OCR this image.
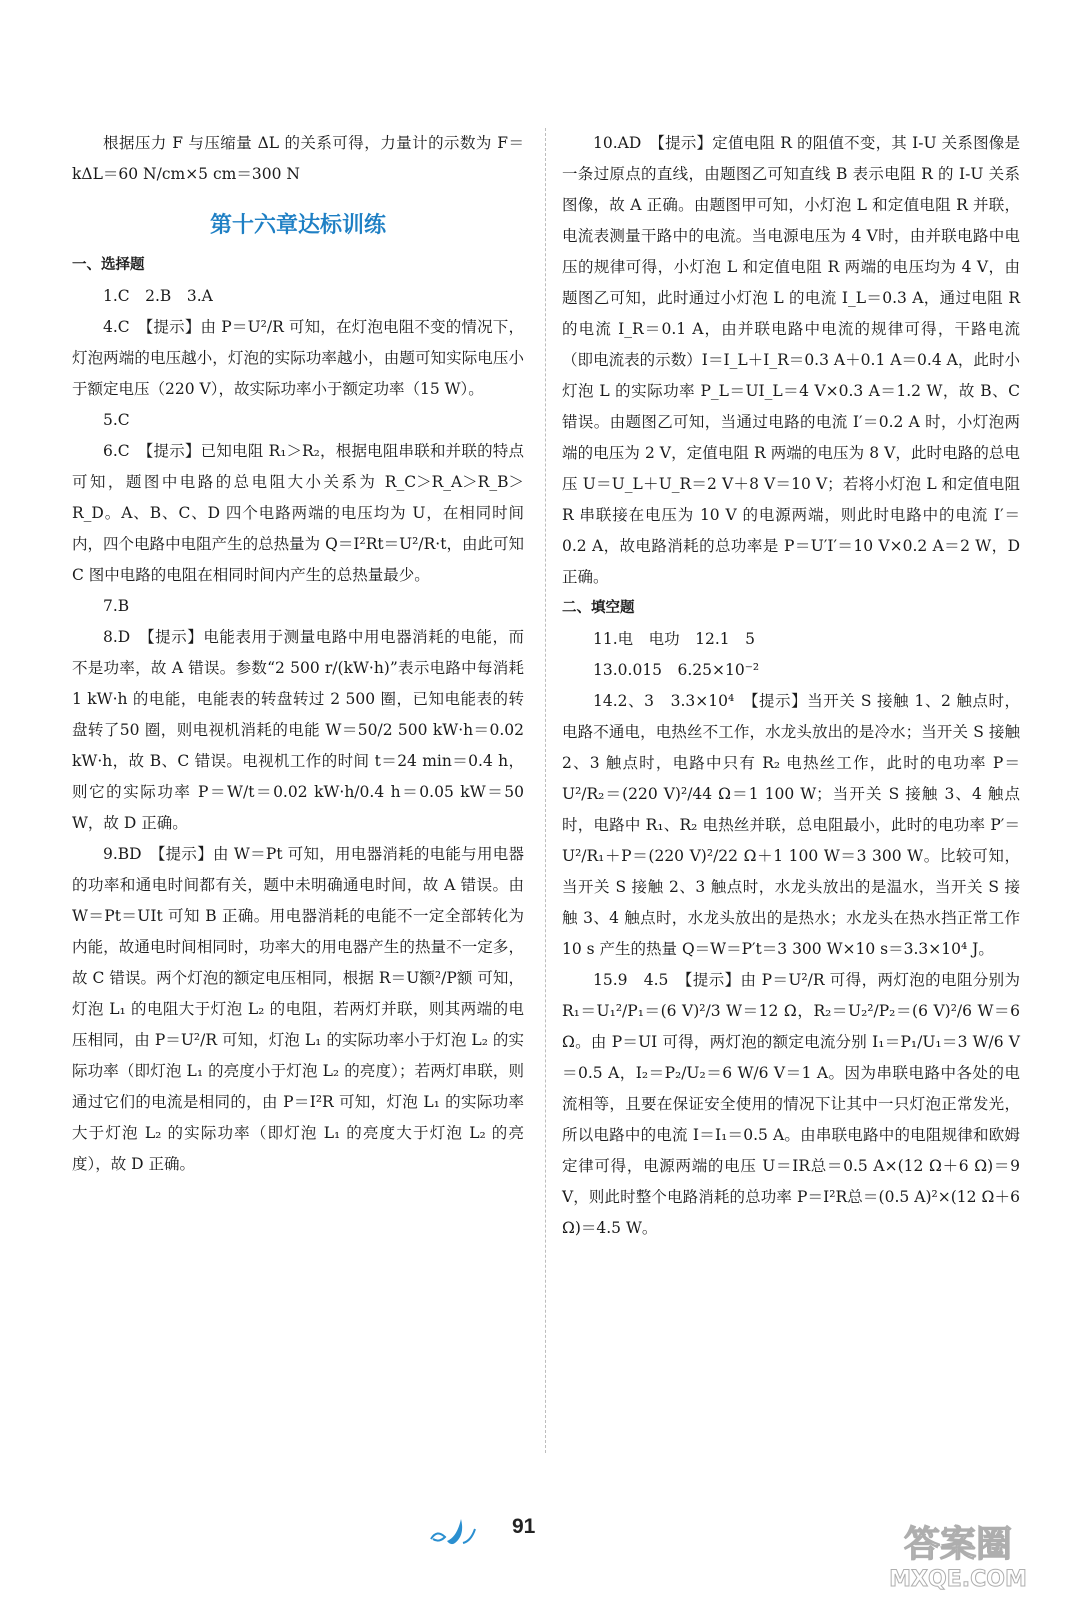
根据压力 F 与压缩量 ΔL 的关系可得，力量计的示数为 F＝kΔL＝60 N/cm×5 cm＝300 N

第十六章达标训练

一、选择题

1.C　2.B　3.A

4.C　【提示】由 P＝U²/R 可知，在灯泡电阻不变的情况下，灯泡两端的电压越小，灯泡的实际功率越小，由题可知实际电压小于额定电压（220 V），故实际功率小于额定功率（15 W）。

5.C

6.C　【提示】已知电阻 R₁＞R₂，根据电阻串联和并联的特点可知，题图中电路的总电阻大小关系为 R_C＞R_A＞R_B＞R_D。A、B、C、D 四个电路两端的电压均为 U，在相同时间内，四个电路中电阻产生的总热量为 Q＝I²Rt＝U²/R·t，由此可知 C 图中电路的电阻在相同时间内产生的总热量最少。

7.B

8.D　【提示】电能表用于测量电路中用电器消耗的电能，而不是功率，故 A 错误。参数“2 500 r/(kW·h)”表示电路中每消耗 1 kW·h 的电能，电能表的转盘转过 2 500 圈，已知电能表的转盘转了50 圈，则电视机消耗的电能 W＝50/2 500 kW·h＝0.02 kW·h，故 B、C 错误。电视机工作的时间 t＝24 min＝0.4 h，则它的实际功率 P＝W/t＝0.02 kW·h/0.4 h＝0.05 kW＝50 W，故 D 正确。

9.BD　【提示】由 W＝Pt 可知，用电器消耗的电能与用电器的功率和通电时间都有关，题中未明确通电时间，故 A 错误。由 W＝Pt＝UIt 可知 B 正确。用电器消耗的电能不一定全部转化为内能，故通电时间相同时，功率大的用电器产生的热量不一定多，故 C 错误。两个灯泡的额定电压相同，根据 R＝U额²/P额 可知，灯泡 L₁ 的电阻大于灯泡 L₂ 的电阻，若两灯并联，则其两端的电压相同，由 P＝U²/R 可知，灯泡 L₁ 的实际功率小于灯泡 L₂ 的实际功率（即灯泡 L₁ 的亮度小于灯泡 L₂ 的亮度）；若两灯串联，则通过它们的电流是相同的，由 P＝I²R 可知，灯泡 L₁ 的实际功率大于灯泡 L₂ 的实际功率（即灯泡 L₁ 的亮度大于灯泡 L₂ 的亮度），故 D 正确。

10.AD　【提示】定值电阻 R 的阻值不变，其 I-U 关系图像是一条过原点的直线，由题图乙可知直线 B 表示电阻 R 的 I-U 关系图像，故 A 正确。由题图甲可知，小灯泡 L 和定值电阻 R 并联，电流表测量干路中的电流。当电源电压为 4 V时，由并联电路中电压的规律可得，小灯泡 L 和定值电阻 R 两端的电压均为 4 V，由题图乙可知，此时通过小灯泡 L 的电流 I_L＝0.3 A，通过电阻 R 的电流 I_R＝0.1 A，由并联电路中电流的规律可得，干路电流（即电流表的示数）I＝I_L＋I_R＝0.3 A＋0.1 A＝0.4 A，此时小灯泡 L 的实际功率 P_L＝UI_L＝4 V×0.3 A＝1.2 W，故 B、C 错误。由题图乙可知，当通过电路的电流 I′＝0.2 A 时，小灯泡两端的电压为 2 V，定值电阻 R 两端的电压为 8 V，此时电路的总电压 U＝U_L＋U_R＝2 V＋8 V＝10 V；若将小灯泡 L 和定值电阻 R 串联接在电压为 10 V 的电源两端，则此时电路中的电流 I′＝0.2 A，故电路消耗的总功率是 P＝U′I′＝10 V×0.2 A＝2 W，D 正确。

二、填空题

11.电　电功　12.1　5

13.0.015　6.25×10⁻²

14.2、3　3.3×10⁴　【提示】当开关 S 接触 1、2 触点时，电路不通电，电热丝不工作，水龙头放出的是冷水；当开关 S 接触 2、3 触点时，电路中只有 R₂ 电热丝工作，此时的电功率 P＝U²/R₂＝(220 V)²/44 Ω＝1 100 W；当开关 S 接触 3、4 触点时，电路中 R₁、R₂ 电热丝并联，总电阻最小，此时的电功率 P′＝U²/R₁＋P＝(220 V)²/22 Ω＋1 100 W＝3 300 W。比较可知，当开关 S 接触 2、3 触点时，水龙头放出的是温水，当开关 S 接触 3、4 触点时，水龙头放出的是热水；水龙头在热水挡正常工作 10 s 产生的热量 Q＝W＝P′t＝3 300 W×10 s＝3.3×10⁴ J。

15.9　4.5　【提示】由 P＝U²/R 可得，两灯泡的电阻分别为 R₁＝U₁²/P₁＝(6 V)²/3 W＝12 Ω，R₂＝U₂²/P₂＝(6 V)²/6 W＝6 Ω。由 P＝UI 可得，两灯泡的额定电流分别 I₁＝P₁/U₁＝3 W/6 V＝0.5 A，I₂＝P₂/U₂＝6 W/6 V＝1 A。因为串联电路中各处的电流相等，且要在保证安全使用的情况下让其中一只灯泡正常发光，所以电路中的电流 I＝I₁＝0.5 A。由串联电路中的电阻规律和欧姆定律可得，电源两端的电压 U＝IR总＝0.5 A×(12 Ω＋6 Ω)＝9 V，则此时整个电路消耗的总功率 P＝I²R总＝(0.5 A)²×(12 Ω＋6 Ω)＝4.5 W。

91	答案圈
MXQE.COM
